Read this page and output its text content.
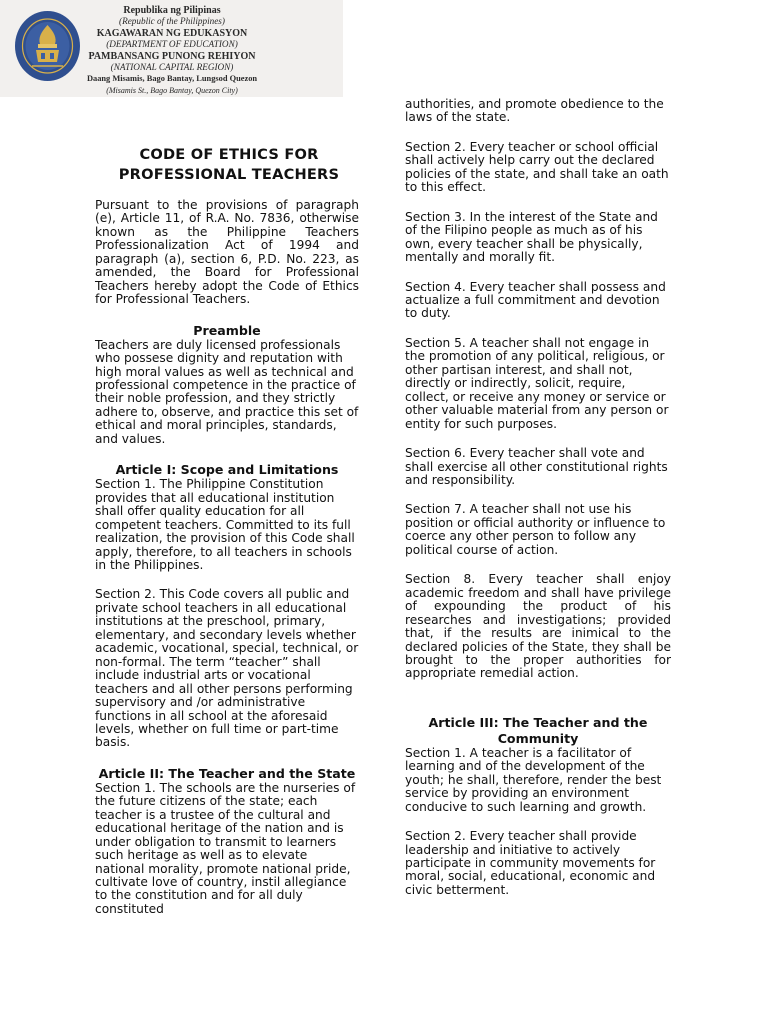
Republika ng Pilipinas
(Republic of the Philippines)
KAGAWARAN NG EDUKASYON
(DEPARTMENT OF EDUCATION)
PAMBANSANG PUNONG REHIYON
(NATIONAL CAPITAL REGION)
Daang Misamis, Bago Bantay, Lungsod Quezon
(Misamis St., Bago Bantay, Quezon City)
CODE OF ETHICS FOR PROFESSIONAL TEACHERS

Pursuant to the provisions of paragraph (e), Article 11, of R.A. No. 7836, otherwise known as the Philippine Teachers Professionalization Act of 1994 and paragraph (a), section 6, P.D. No. 223, as amended, the Board for Professional Teachers hereby adopt the Code of Ethics for Professional Teachers.

Preamble

Teachers are duly licensed professionals who possese dignity and reputation with high moral values as well as technical and professional competence in the practice of their noble profession, and they strictly adhere to, observe, and practice this set of ethical and moral principles, standards, and values.

Article I: Scope and Limitations

Section 1. The Philippine Constitution provides that all educational institution shall offer quality education for all competent teachers. Committed to its full realization, the provision of this Code shall apply, therefore, to all teachers in schools in the Philippines.

Section 2. This Code covers all public and private school teachers in all educational institutions at the preschool, primary, elementary, and secondary levels whether academic, vocational, special, technical, or non-formal. The term “teacher” shall include industrial arts or vocational teachers and all other persons performing supervisory and /or administrative functions in all school at the aforesaid levels, whether on full time or part-time basis.

Article II: The Teacher and the State

Section 1. The schools are the nurseries of the future citizens of the state; each teacher is a trustee of the cultural and educational heritage of the nation and is under obligation to transmit to learners such heritage as well as to elevate national morality, promote national pride, cultivate love of country, instil allegiance to the constitution and for all duly constituted

authorities, and promote obedience to the laws of the state.

Section 2. Every teacher or school official shall actively help carry out the declared policies of the state, and shall take an oath to this effect.

Section 3. In the interest of the State and of the Filipino people as much as of his own, every teacher shall be physically, mentally and morally fit.

Section 4. Every teacher shall possess and actualize a full commitment and devotion to duty.

Section 5. A teacher shall not engage in the promotion of any political, religious, or other partisan interest, and shall not, directly or indirectly, solicit, require, collect, or receive any money or service or other valuable material from any person or entity for such purposes.

Section 6. Every teacher shall vote and shall exercise all other constitutional rights and responsibility.

Section 7. A teacher shall not use his position or official authority or influence to coerce any other person to follow any political course of action.

Section 8. Every teacher shall enjoy academic freedom and shall have privilege of expounding the product of his researches and investigations; provided that, if the results are inimical to the declared policies of the State, they shall be brought to the proper authorities for appropriate remedial action.

Article III: The Teacher and the Community

Section 1. A teacher is a facilitator of learning and of the development of the youth; he shall, therefore, render the best service by providing an environment conducive to such learning and growth.

Section 2. Every teacher shall provide leadership and initiative to actively participate in community movements for moral, social, educational, economic and civic betterment.
